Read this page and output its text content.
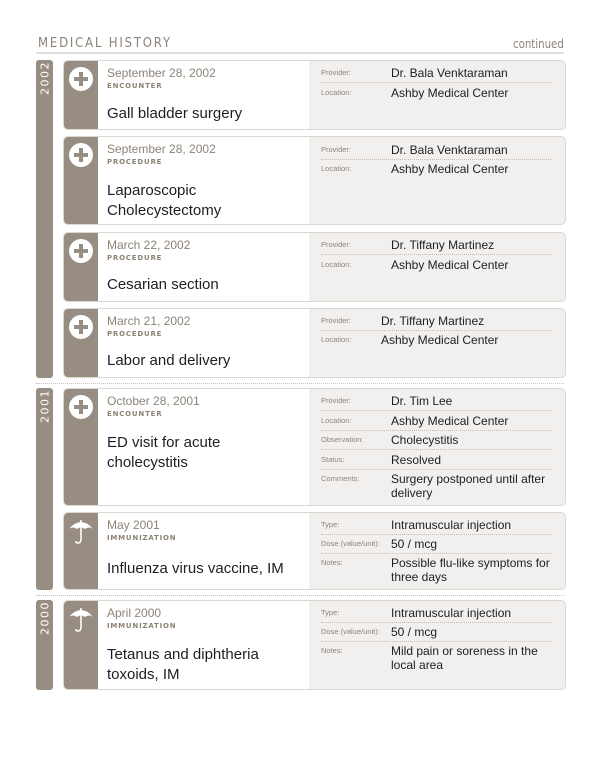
MEDICAL HISTORY	continued
2002	September 28, 2002
ENCOUNTER
Gall bladder surgery
Provider:	Dr. Bala Venktaraman
Location:	Ashby Medical Center
September 28, 2002
PROCEDURE
Laparoscopic Cholecystectomy
Provider:	Dr. Bala Venktaraman
Location:	Ashby Medical Center
March 22, 2002
PROCEDURE
Cesarian section
Provider:	Dr. Tiffany Martinez
Location:	Ashby Medical Center
March 21, 2002
PROCEDURE
Labor and delivery
Provider: Dr. Tiffany Martinez
Location: Ashby Medical Center
2001	October 28, 2001
ENCOUNTER
ED visit for acute cholecystitis
Provider:	Dr. Tim Lee
Location:	Ashby Medical Center
Observation: Cholecystitis
Status:	Resolved
Comments:	Surgery postponed until after delivery
May 2001
IMMUNIZATION
Influenza virus vaccine, IM
Type:	Intramuscular injection
Dose (value/unit): 50 / mcg
Notes:	Possible flu-like symptoms for three days
2000	April 2000
IMMUNIZATION
Tetanus and diphtheria toxoids, IM
Type:	Intramuscular injection
Dose (value/unit): 50 / mcg
Notes:	Mild pain or soreness in the local area
